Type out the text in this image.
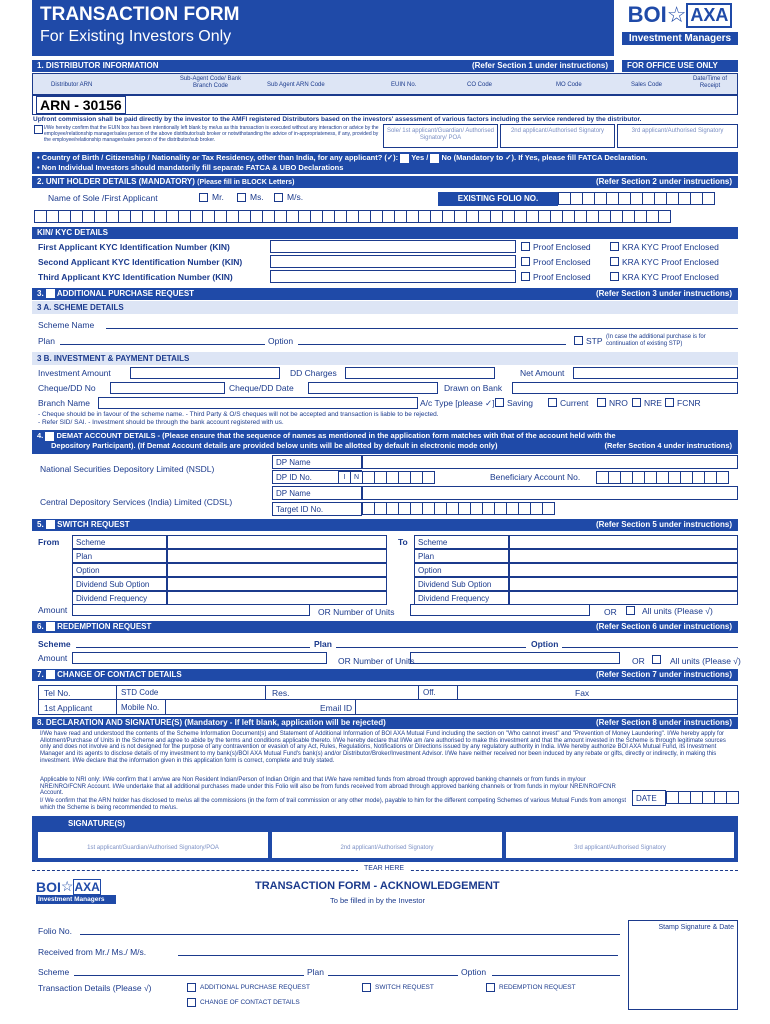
TRANSACTION FORM
For Existing Investors Only
BOI ☆ AXA
Investment Managers
1. DISTRIBUTOR INFORMATION	(Refer Section 1 under instructions)	FOR OFFICE USE ONLY
Distributor ARN
Sub-Agent Code/ Bank Branch Code	Sub Agent ARN Code	EUIN No.	CO Code	MO Code	Sales Code
Date/Time of Receipt
ARN - 30156
Upfront commission shall be paid directly by the investor to the AMFI registered Distributors based on the investors' assessment of various factors including the service rendered by the distributor.
I/We hereby confirm that the EUIN box has been intentionally left blank by me/us as this transaction is executed without any interaction or advice by the employee/relationship manager/sales person of the above distributor/sub broker or notwithstanding the advice of in-appropriateness, if any, provided by the employee/relationship manager/sales person of the distributor/sub broker.
Sole/ 1st applicant/Guardian/ Authorised Signatory/ POA
2nd applicant/Authorised Signatory	3rd applicant/Authorised Signatory
• Country of Birth / Citizenship / Nationality or Tax Residency, other than India, for any applicant? (✓): Yes / No (Mandatory to ✓). If Yes, please fill FATCA Declaration.
• Non Individual Investors should mandatorily fill separate FATCA & UBO Declarations
2. UNIT HOLDER DETAILS (MANDATORY) (Please fill in BLOCK Letters)	(Refer Section 2 under instructions)
Name of Sole /First Applicant	Mr.	Ms.	M/s.	EXISTING FOLIO NO.
KIN/ KYC DETAILS
First Applicant KYC Identification Number (KIN)	Proof Enclosed	KRA KYC Proof Enclosed
Second Applicant KYC Identification Number (KIN)	Proof Enclosed	KRA KYC Proof Enclosed
Third Applicant KYC Identification Number (KIN)	Proof Enclosed	KRA KYC Proof Enclosed
3. ADDITIONAL PURCHASE REQUEST	(Refer Section 3 under instructions)
3 A. SCHEME DETAILS
Scheme Name
Plan	Option	STP (In case the additional purchase is for continuation of existing STP)
3 B. INVESTMENT & PAYMENT DETAILS
Investment Amount	DD Charges	Net Amount
Cheque/DD No	Cheque/DD Date	Drawn on Bank
Branch Name	A/c Type [please ✓] Saving	Current NRO NRE FCNR
- Cheque should be in favour of the scheme name. - Third Party & O/S cheques will not be accepted and transaction is liable to be rejected.
- Refer SID/ SAI. - Investment should be through the bank account registered with us.
4. DEMAT ACCOUNT DETAILS - (Please ensure that the sequence of names as mentioned in the application form matches with that of the account held with the
Depository Participant). (If Demat Account details are provided below units will be allotted by default in electronic mode only)	(Refer Section 4 under instructions)
National Securities Depository Limited (NSDL)
DP Name
DP ID No.	I	N	Beneficiary Account No.
Central Depository Services (India) Limited (CDSL)
DP Name
Target ID No.
5. SWITCH REQUEST	(Refer Section 5 under instructions)
From	To
Scheme	Scheme
Plan	Plan
Option	Option
Dividend Sub Option	Dividend Sub Option
Dividend Frequency	Dividend Frequency
Amount	OR Number of Units	OR	All units (Please √)
6. REDEMPTION REQUEST	(Refer Section 6 under instructions)
Scheme	Plan	Option
Amount	OR Number of Units	OR	All units (Please √)
7. CHANGE OF CONTACT DETAILS	(Refer Section 7 under instructions)
Tel No.	STD Code	Res.	Off.	Fax
1st Applicant	Mobile No.	Email ID
8. DECLARATION AND SIGNATURE(S) (Mandatory - If left blank, application will be rejected)	(Refer Section 8 under instructions)
I/We have read and understood the contents of the Scheme Information Document(s) and Statement of Additional Information of BOI AXA Mutual Fund including the section on "Who cannot invest" and "Prevention of Money Laundering". I/We hereby apply for Allotment/Purchase of Units in the Scheme and agree to abide by the terms and conditions applicable thereto. I/We hereby declare that I/We am /are authorised to make this investment and that the amount invested in the Scheme is through legitimate sources only and does not involve and is not designed for the purpose of any contravention or evasion of any Act, Rules, Regulations, Notifications or Directions issued by any regulatory authority in India. I/We hereby authorize BOI AXA Mutual Fund, its Investment Manager and its agents to disclose details of my investment to my bank(s)/BOI AXA Mutual Fund's bank(s) and/or Distributor/Broker/Investment Advisor. I/We have neither received nor been induced by any rebate or gifts, directly or indirectly, in making this investment. I/We declare that the information given in this application form is correct, complete and truly stated.
Applicable to NRI only: I/We confirm that I am/we are Non Resident Indian/Person of Indian Origin and that I/We have remitted funds from abroad through approved banking channels or from funds in my/our NRE/NRO/FCNR Account. I/We undertake that all additional purchases made under this Folio will also be from funds received from abroad through approved banking channels or from funds in my/our NRE/NRO/FCNR Account.
I/ We confirm that the ARN holder has disclosed to me/us all the commissions (in the form of trail commission or any other mode), payable to him for the different competing Schemes of various Mutual Funds from amongst which the Scheme is being recommended to me/us.
DATE
SIGNATURE(S)
1st applicant/Guardian/Authorised Signatory/POA	2nd applicant/Authorised Signatory	3rd applicant/Authorised Signatory
TEAR HERE
BOI ☆ AXA
Investment Managers
TRANSACTION FORM - ACKNOWLEDGEMENT
To be filled in by the Investor
Folio No.	Stamp Signature & Date
Received from Mr./ Ms./ M/s.
Scheme	Plan	Option
Transaction Details (Please √)	ADDITIONAL PURCHASE REQUEST	SWITCH REQUEST	REDEMPTION REQUEST
CHANGE OF CONTACT DETAILS
